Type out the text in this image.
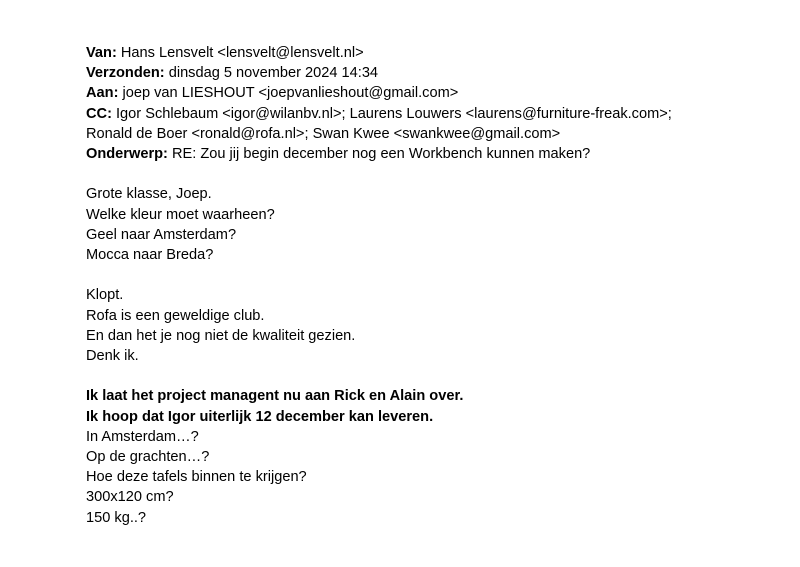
Van: Hans Lensvelt <lensvelt@lensvelt.nl>
Verzonden: dinsdag 5 november 2024 14:34
Aan: joep van LIESHOUT <joepvanlieshout@gmail.com>
CC: Igor Schlebaum <igor@wilanbv.nl>; Laurens Louwers <laurens@furniture-freak.com>;
Ronald de Boer <ronald@rofa.nl>; Swan Kwee <swankwee@gmail.com>
Onderwerp: RE: Zou jij begin december nog een Workbench kunnen maken?
Grote klasse, Joep.
Welke kleur moet waarheen?
Geel naar Amsterdam?
Mocca naar Breda?
Klopt.
Rofa is een geweldige club.
En dan het je nog niet de kwaliteit gezien.
Denk ik.
Ik laat het project managent nu aan Rick en Alain over.
Ik hoop dat Igor uiterlijk 12 december kan leveren.
In Amsterdam…?
Op de grachten…?
Hoe deze tafels binnen te krijgen?
300x120 cm?
150 kg..?
